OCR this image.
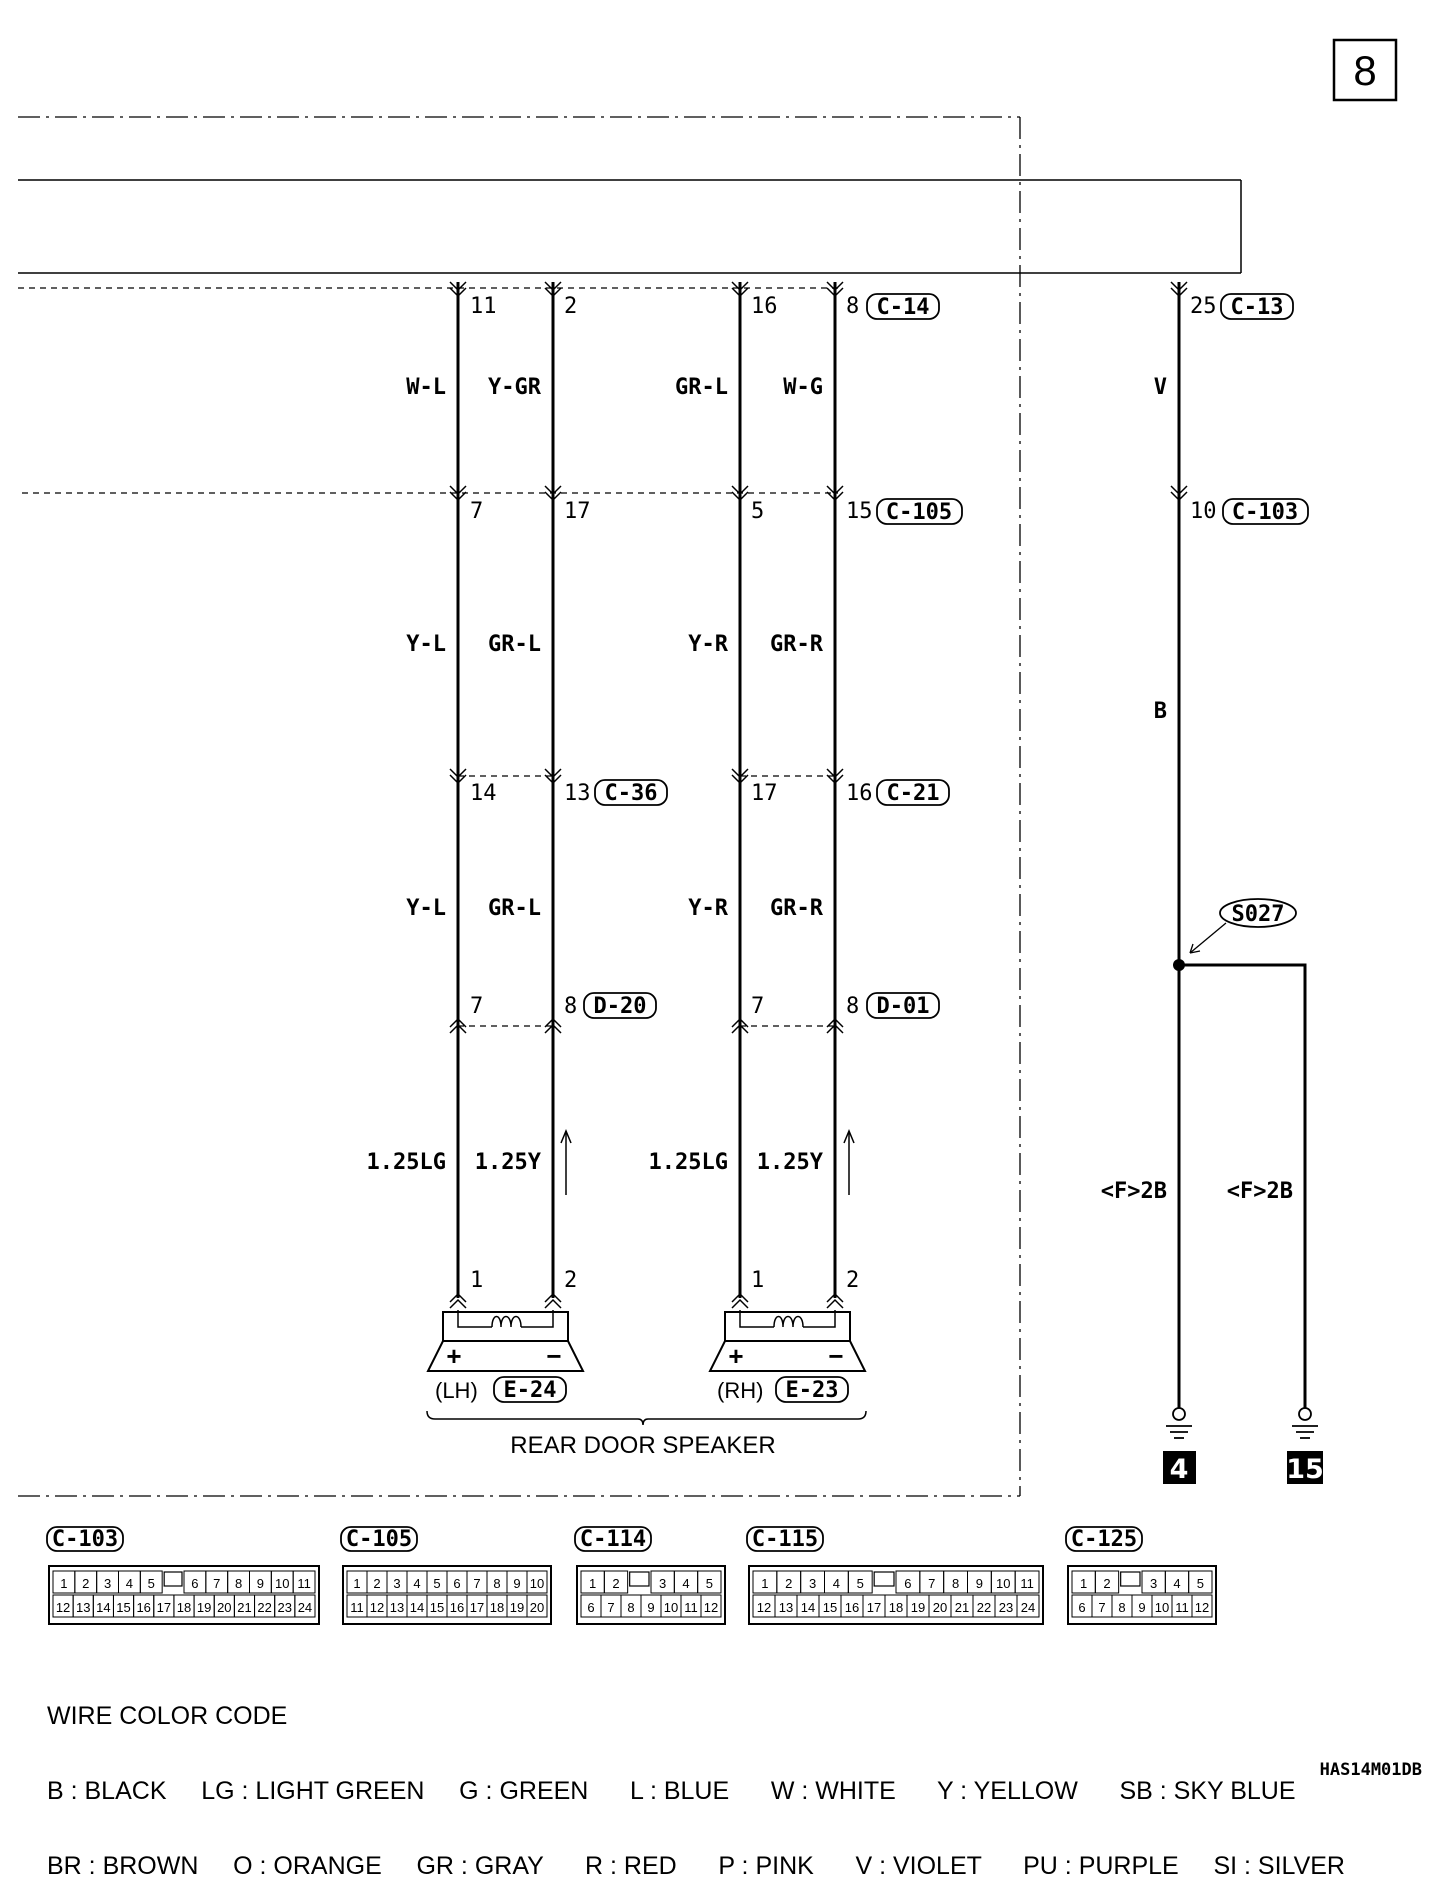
8
11	2	16	8	25
7	17	5	15	10
14	13	17	16
7	8	7	8
1	2	1	2
C-14	C-13
C-105	C-103
C-36	C-21
D-20	D-01
E-24	E-23
S027
W-L Y-GR	GR-L	W-G	V
Y-L GR-L	Y-R GR-R
B
Y-L GR-L	Y-R GR-R
1.25LG 1.25Y	1.25LG 1.25Y
<F>2B	<F>2B
+	−	+	−
(LH)	(RH)
REAR DOOR SPEAKER
4	15
C-103
1 2 3 4 5	6 7 8 9 10 11
12 13 14 15 16 17 18 19 20 21 22 23 24
C-105
1 2 3 4 5 6 7 8 9 10
11 12 13 14 15 16 17 18 19 20
C-114
1 2	3 4 5
6 7 8 9 10 11 12
C-115
1 2 3 4 5	6 7 8 9 10 11
12 13 14 15 16 17 18 19 20 21 22 23 24
C-125
1 2	3 4 5
6 7 8 9 10 11 12

WIRE COLOR CODE

B : BLACK     LG : LIGHT GREEN     G : GREEN      L : BLUE      W : WHITE      Y : YELLOW      SB : SKY BLUE

BR : BROWN     O : ORANGE     GR : GRAY      R : RED      P : PINK      V : VIOLET      PU : PURPLE     SI : SILVER

HAS14M01DB
